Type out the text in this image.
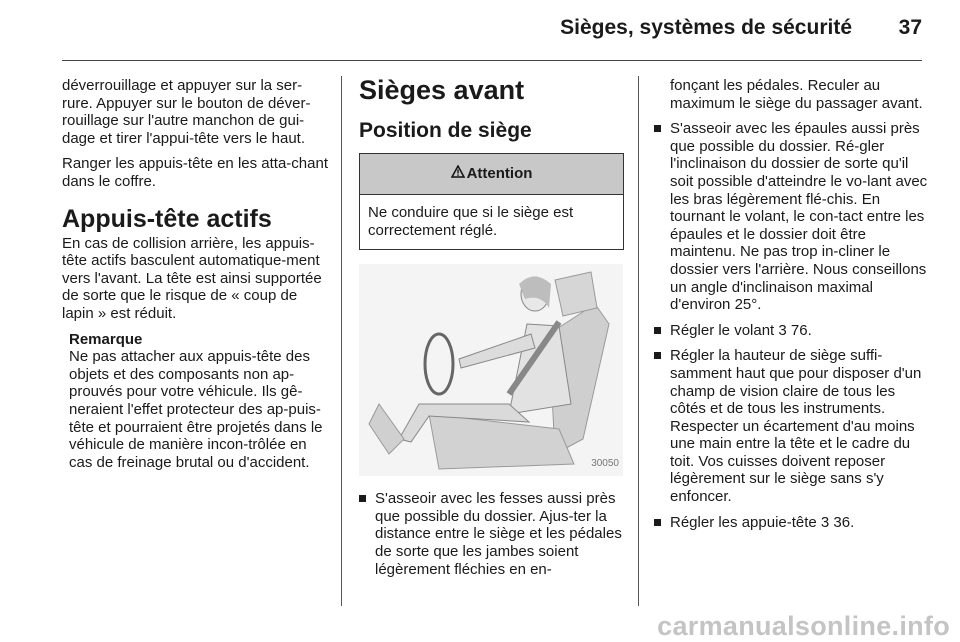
Sièges, systèmes de sécurité 37

déverrouillage et appuyer sur la ser-rure. Appuyer sur le bouton de déver-rouillage sur l'autre manchon de gui-dage et tirer l'appui-tête vers le haut.

Ranger les appuis-tête en les atta-chant dans le coffre.

Appuis-tête actifs

En cas de collision arrière, les appuis-tête actifs basculent automatique-ment vers l'avant. La tête est ainsi supportée de sorte que le risque de « coup de lapin » est réduit.

Remarque
Ne pas attacher aux appuis-tête des objets et des composants non ap-prouvés pour votre véhicule. Ils gê-neraient l'effet protecteur des ap-puis-tête et pourraient être projetés dans le véhicule de manière incon-trôlée en cas de freinage brutal ou d'accident.
Sièges avant
Position de siège
Attention
Ne conduire que si le siège est correctement réglé.
30050
S'asseoir avec les fesses aussi près que possible du dossier. Ajus-ter la distance entre le siège et les pédales de sorte que les jambes soient légèrement fléchies en en-
fonçant les pédales. Reculer au maximum le siège du passager avant.
S'asseoir avec les épaules aussi près que possible du dossier. Ré-gler l'inclinaison du dossier de sorte qu'il soit possible d'atteindre le vo-lant avec les bras légèrement flé-chis. En tournant le volant, le con-tact entre les épaules et le dossier doit être maintenu. Ne pas trop in-cliner le dossier vers l'arrière. Nous conseillons un angle d'inclinaison maximal d'environ 25°.
Régler le volant 3 76.
Régler la hauteur de siège suffi-samment haut que pour disposer d'un champ de vision claire de tous les côtés et de tous les instruments. Respecter un écartement d'au moins une main entre la tête et le cadre du toit. Vos cuisses doivent reposer légèrement sur le siège sans s'y enfoncer.
Régler les appuie-tête 3 36.
carmanualsonline.info
